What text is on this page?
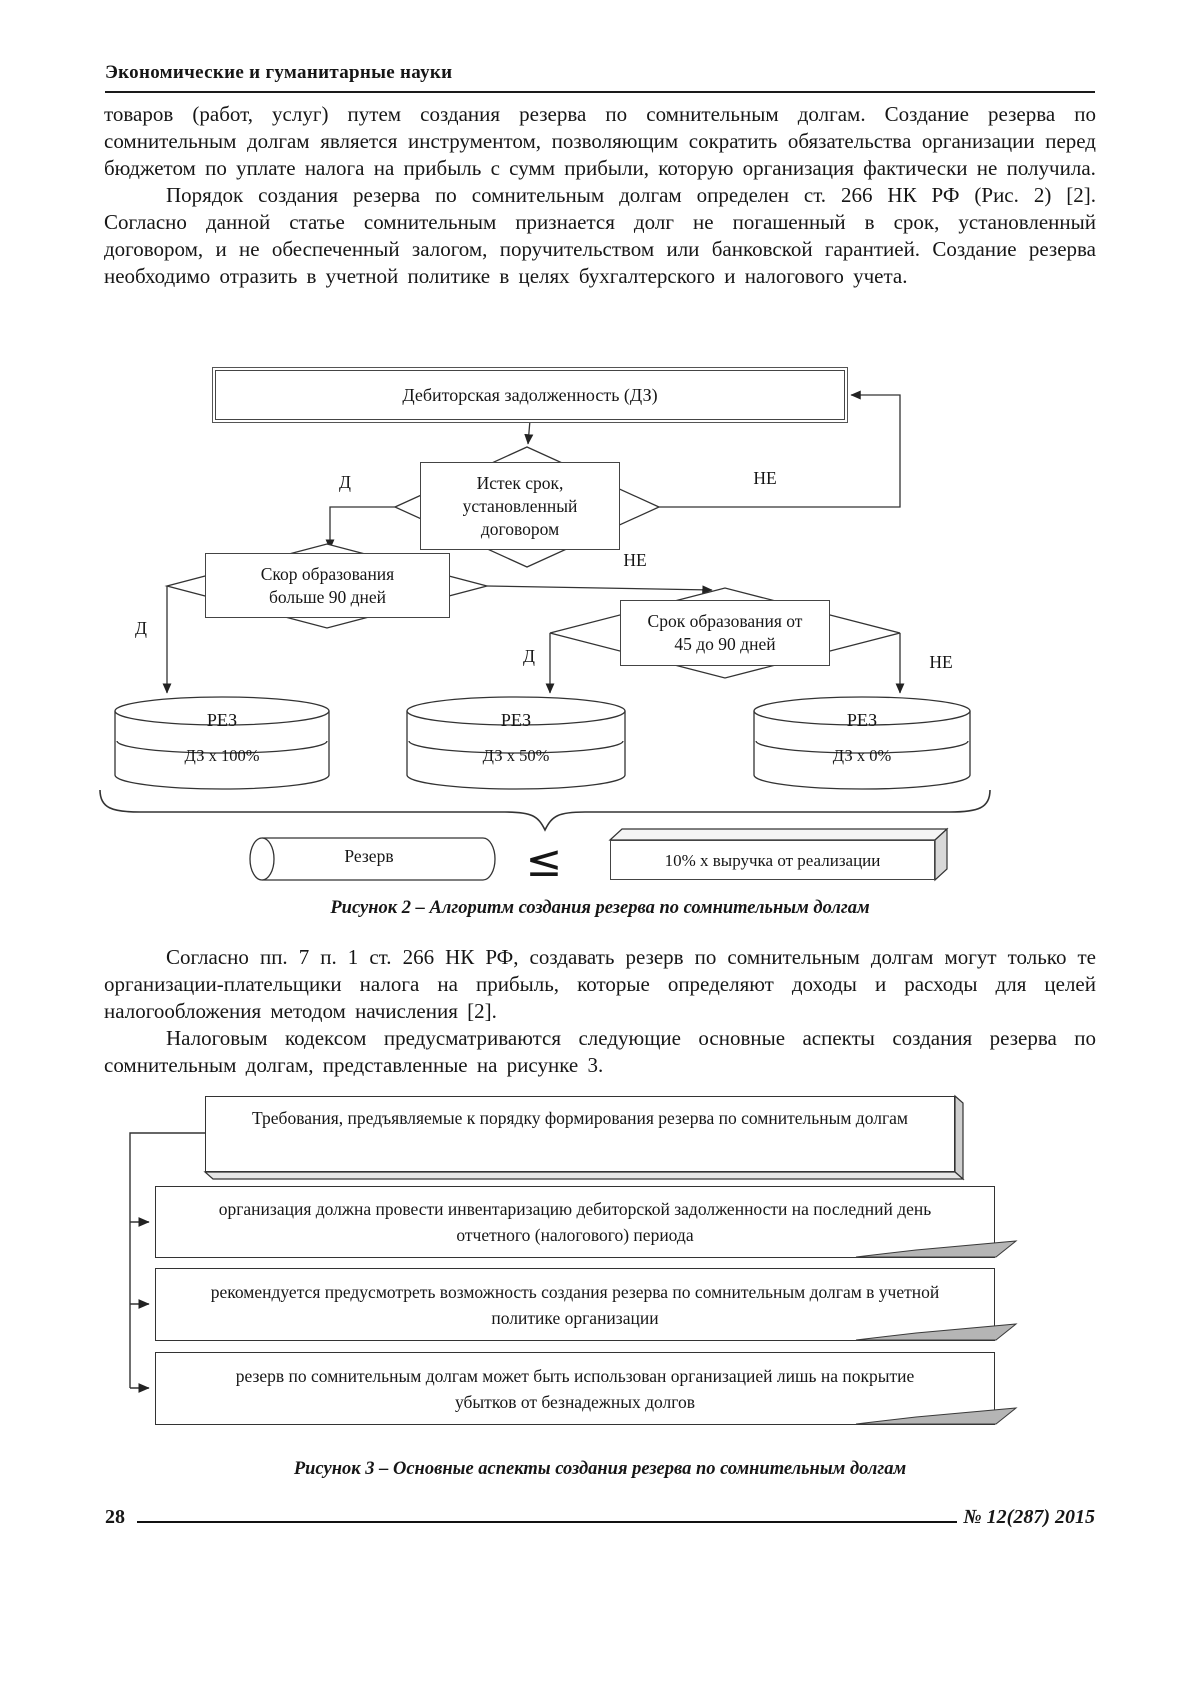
Экономические и гуманитарные науки

товаров (работ, услуг) путем создания резерва по сомнительным долгам. Создание резерва по сомнительным долгам является инструментом, позволяющим сократить обязательства организации перед бюджетом по уплате налога на прибыль с сумм прибыли, которую организация фактически не получила.

Порядок создания резерва по сомнительным долгам определен ст. 266 НК РФ (Рис. 2) [2]. Согласно данной статье сомнительным признается долг не погашенный в срок, установленный договором, и не обеспеченный залогом, поручительством или банковской гарантией. Создание резерва необходимо отразить в учетной политике в целях бухгалтерского и налогового учета.

Дебиторская задолженность (ДЗ)
Истек срок, установленный договором
Скор образования больше 90 дней
Срок образования от 45 до 90 дней
Д	НЕ
НЕ
Д
Д	НЕ
РЕЗ
ДЗ х 100%
РЕЗ
ДЗ х 50%
РЕЗ
ДЗ х 0%
Резерв	≤	10% х выручка от реализации
Рисунок 2 – Алгоритм создания резерва по сомнительным долгам

Согласно пп. 7 п. 1 ст. 266 НК РФ, создавать резерв по сомнительным долгам могут только те организации-плательщики налога на прибыль, которые определяют доходы и расходы для целей налогообложения методом начисления [2].

Налоговым кодексом предусматриваются следующие основные аспекты создания резерва по сомнительным долгам, представленные на рисунке 3.

Требования, предъявляемые к порядку формирования резерва по сомнительным долгам
организация должна провести инвентаризацию дебиторской задолженности на последний день отчетного (налогового) периода
рекомендуется предусмотреть возможность создания резерва по сомнительным долгам в учетной политике организации
резерв по сомнительным долгам может быть использован организацией лишь на покрытие убытков от безнадежных долгов
Рисунок 3 – Основные аспекты создания резерва по сомнительным долгам
28	№ 12(287) 2015
